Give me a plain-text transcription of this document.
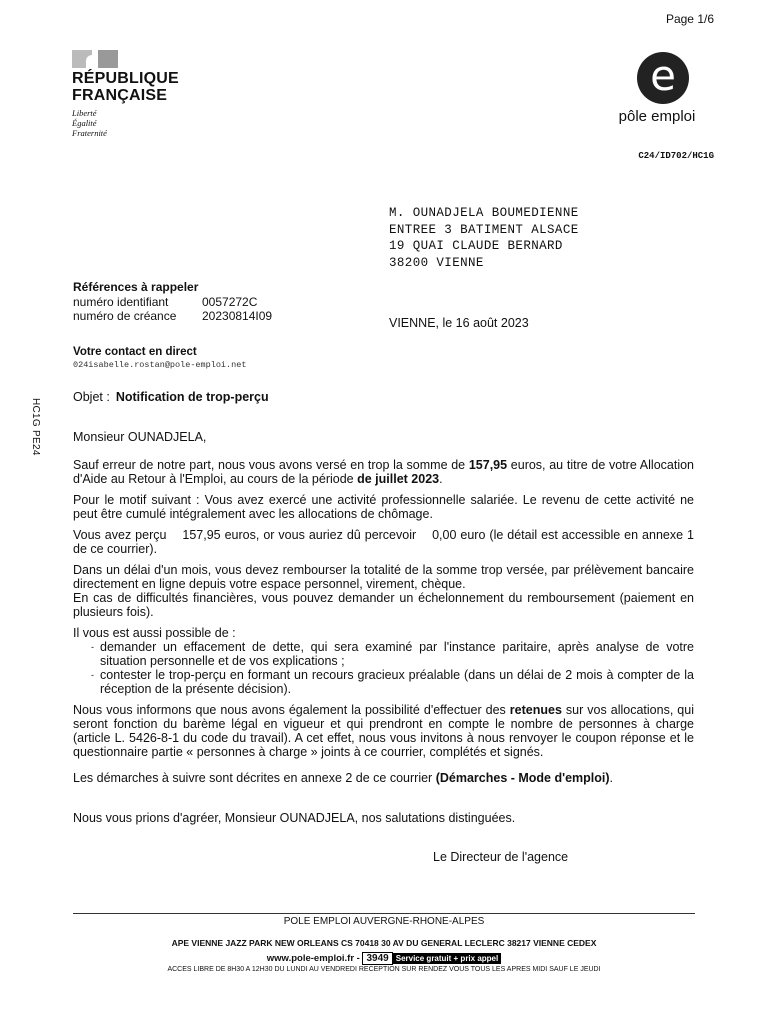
Page 1/6
RÉPUBLIQUE
FRANÇAISE
Liberté
Égalité
Fraternité
e
pôle emploi
C24/ID702/HC1G
M. OUNADJELA BOUMEDIENNE
ENTREE 3 BATIMENT ALSACE
19 QUAI CLAUDE BERNARD
38200 VIENNE
Références à rappeler
numéro identifiant	0057272C
numéro de créance 20230814I09	VIENNE, le 16 août 2023
Votre contact en direct
024isabelle.rostan@pole-emploi.net
HC1G PE24
Objet : Notification de trop-perçu

Monsieur OUNADJELA,

Sauf erreur de notre part, nous vous avons versé en trop la somme de 157,95 euros, au titre de votre Allocation d'Aide au Retour à l'Emploi, au cours de la période de juillet 2023.

Pour le motif suivant : Vous avez exercé une activité professionnelle salariée. Le revenu de cette activité ne peut être cumulé intégralement avec les allocations de chômage.

Vous avez perçu    157,95 euros, or vous auriez dû percevoir    0,00 euro (le détail est accessible en annexe 1 de ce courrier).

Dans un délai d'un mois, vous devez rembourser la totalité de la somme trop versée, par prélèvement bancaire directement en ligne depuis votre espace personnel, virement, chèque.

En cas de difficultés financières, vous pouvez demander un échelonnement du remboursement (paiement en plusieurs fois).

Il vous est aussi possible de :

- demander un effacement de dette, qui sera examiné par l'instance paritaire, après analyse de votre situation personnelle et de vos explications ;
- contester le trop-perçu en formant un recours gracieux préalable (dans un délai de 2 mois à compter de la réception de la présente décision).

Nous vous informons que nous avons également la possibilité d'effectuer des retenues sur vos allocations, qui seront fonction du barème légal en vigueur et qui prendront en compte le nombre de personnes à charge (article L. 5426-8-1 du code du travail). A cet effet, nous vous invitons à nous renvoyer le coupon réponse et le questionnaire partie « personnes à charge » joints à ce courrier, complétés et signés.

Les démarches à suivre sont décrites en annexe 2 de ce courrier (Démarches - Mode d'emploi).

Nous vous prions d'agréer, Monsieur OUNADJELA, nos salutations distinguées.

Le Directeur de l'agence
POLE EMPLOI AUVERGNE-RHONE-ALPES
APE VIENNE JAZZ PARK NEW ORLEANS CS 70418 30 AV DU GENERAL LECLERC 38217 VIENNE CEDEX
www.pole-emploi.fr - 3949 Service gratuit + prix appel
ACCES LIBRE DE 8H30 A 12H30 DU LUNDI AU VENDREDI RECEPTION SUR RENDEZ VOUS TOUS LES APRES MIDI SAUF LE JEUDI
